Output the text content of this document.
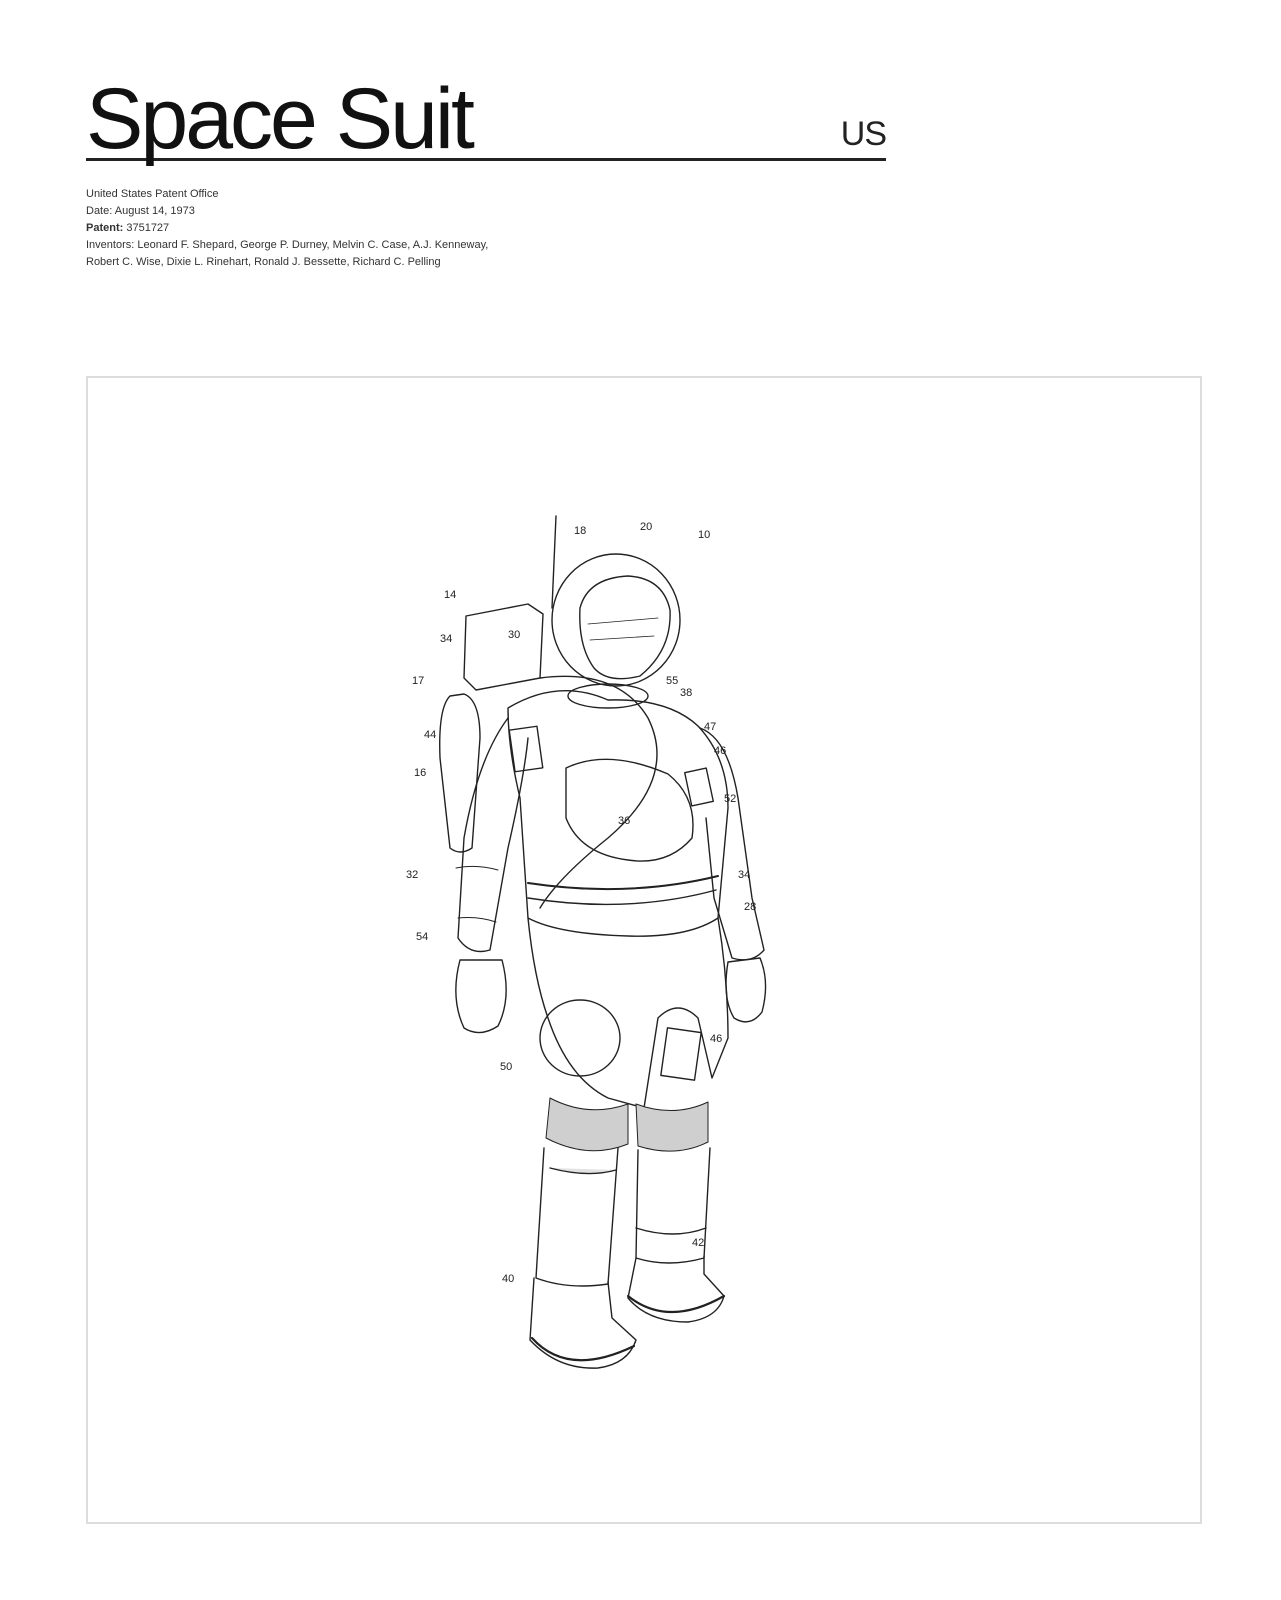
Space Suit	US
United States Patent Office
Date: August 14, 1973
Patent: 3751727
Inventors: Leonard F. Shepard, George P. Durney, Melvin C. Case, A.J. Kenneway,
Robert C. Wise, Dixie L. Rinehart, Ronald J. Bessette, Richard C. Pelling
18	20
10
14
30
34
17
44
16
38
55
47
46
52
36
32	34
28
54
50
46
42
40
